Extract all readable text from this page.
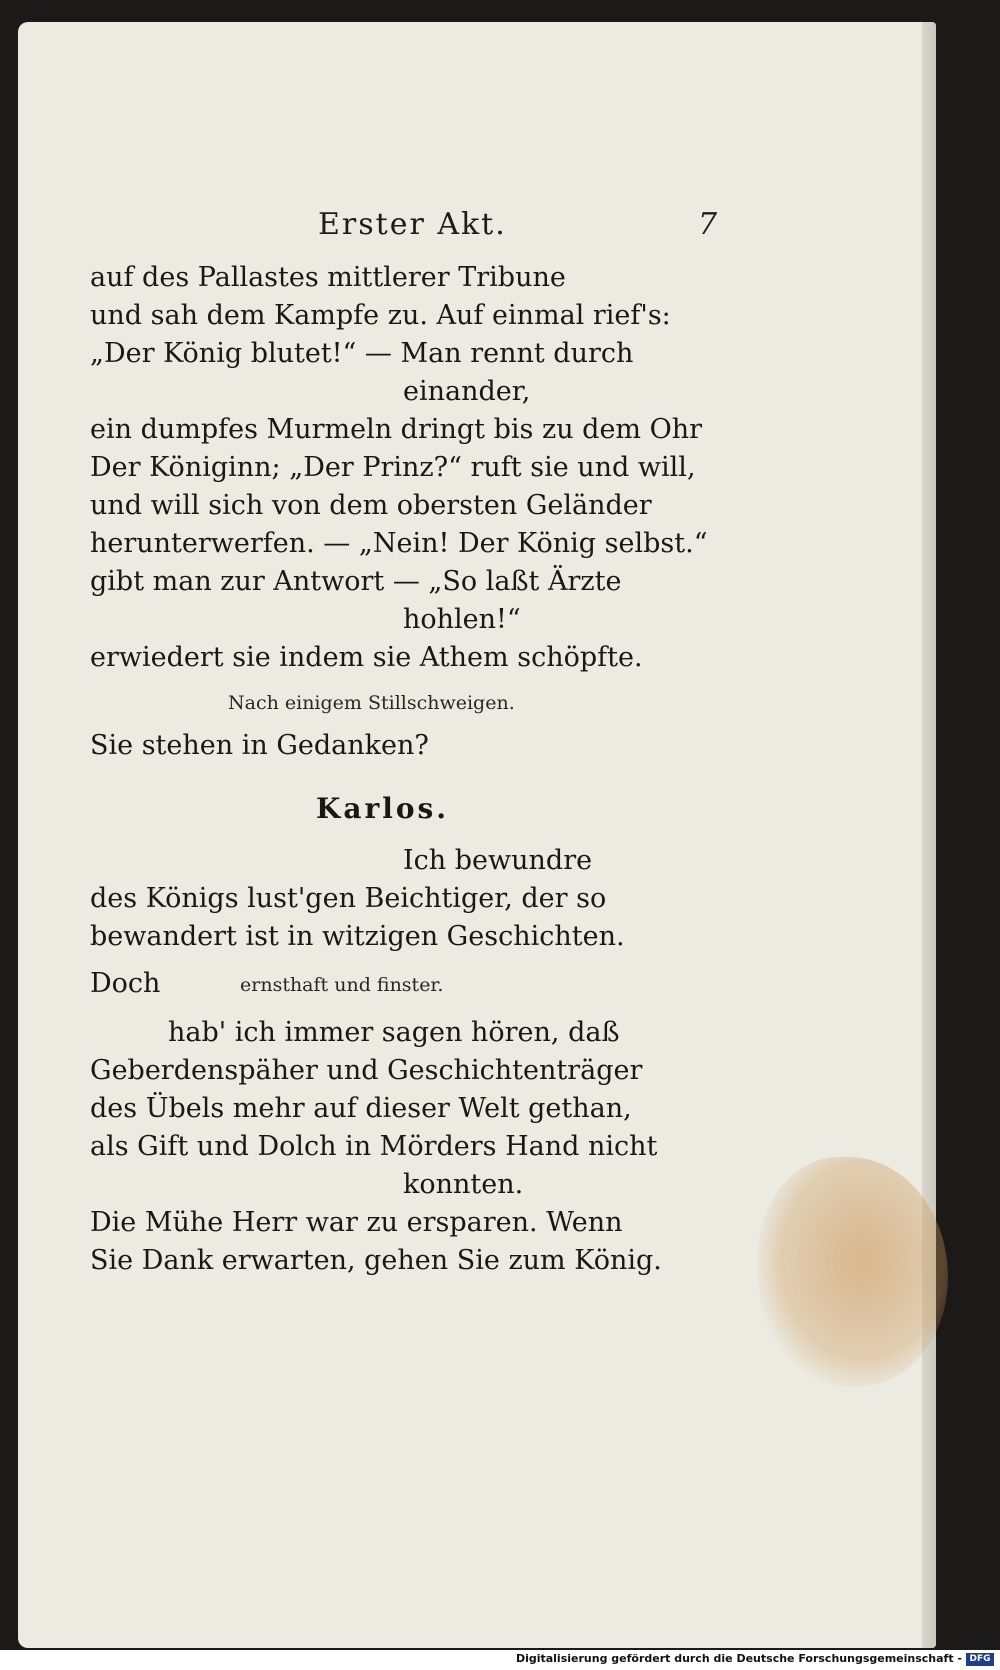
Erster Akt.	7
auf des Pallastes mittlerer Tribune
und sah dem Kampfe zu. Auf einmal rief's:
„Der König blutet!“ — Man rennt durch
einander,
ein dumpfes Murmeln dringt bis zu dem Ohr
Der Königinn; „Der Prinz?“ ruft sie und will,
und will sich von dem obersten Geländer
herunterwerfen. — „Nein! Der König selbst.“
gibt man zur Antwort — „So laßt Ärzte
hohlen!“
erwiedert sie indem sie Athem schöpfte.
Nach einigem Stillschweigen.
Sie stehen in Gedanken?
Karlos.
Ich bewundre
des Königs lust'gen Beichtiger, der so
bewandert ist in witzigen Geschichten.
Doch	ernsthaft und finster.
hab' ich immer sagen hören, daß
Geberdenspäher und Geschichtenträger
des Übels mehr auf dieser Welt gethan,
als Gift und Dolch in Mörders Hand nicht
konnten.
Die Mühe Herr war zu ersparen. Wenn
Sie Dank erwarten, gehen Sie zum König.
Digitalisierung gefördert durch die Deutsche Forschungsgemeinschaft - DFG
